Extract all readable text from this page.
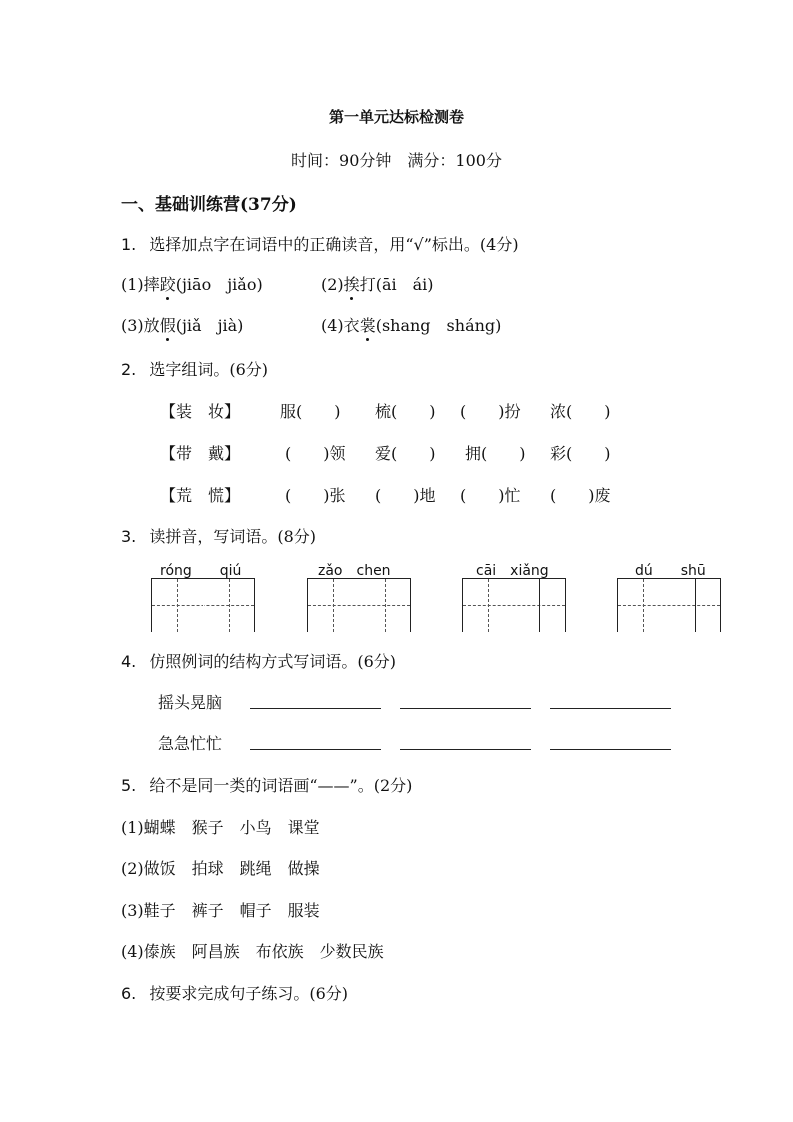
第一单元达标检测卷
时间：90分钟　满分：100分
一、基础训练营(37分)
1. 选择加点字在词语中的正确读音，用“√”标出。(4分)
(1)摔跤(jiāo　jiǎo)	(2)挨打(āi　ái)
(3)放假(jiǎ　jià)	(4)衣裳(shang　sháng)
2. 选字组词。(6分)
【装　妆】 服(　　) 梳(　　) (　　)扮 浓(　　)
【带　戴】	(　　)领 爱(　　) 拥(　　) 彩(　　)
【荒　慌】	(　　)张 (　　)地 (　　)忙 (　　)废
3. 读拼音，写词语。(8分)
róng　　qiú	zǎo　chen	cāi　xiǎng	dú　　shū
4. 仿照例词的结构方式写词语。(6分)
摇头晃脑
急急忙忙
5. 给不是同一类的词语画“——”。(2分)
(1)蝴蝶　猴子　小鸟　课堂
(2)做饭　拍球　跳绳　做操
(3)鞋子　裤子　帽子　服装
(4)傣族　阿昌族　布依族　少数民族
6. 按要求完成句子练习。(6分)
